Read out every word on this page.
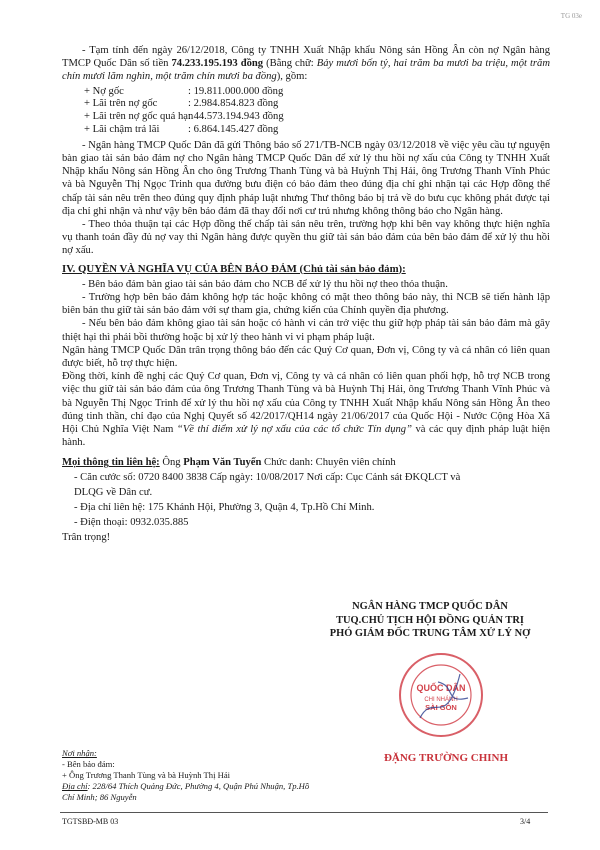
TG 03e

- Tạm tính đến ngày 26/12/2018, Công ty TNHH Xuất Nhập khẩu Nông sản Hồng Ân còn nợ Ngân hàng TMCP Quốc Dân số tiền 74.233.195.193 đồng (Bằng chữ: Bảy mươi bốn tỷ, hai trăm ba mươi ba triệu, một trăm chín mươi lăm nghìn, một trăm chín mươi ba đồng), gồm:

+ Nợ gốc	: 19.811.000.000 đồng
+ Lãi trên nợ gốc	: 2.984.854.823 đồng
+ Lãi trên nợ gốc quá hạn
: 44.573.194.943 đồng
+ Lãi chậm trả lãi	: 6.864.145.427 đồng

- Ngân hàng TMCP Quốc Dân đã gửi Thông báo số 271/TB-NCB ngày 03/12/2018 về việc yêu cầu tự nguyện bàn giao tài sản bảo đảm nợ cho Ngân hàng TMCP Quốc Dân để xử lý thu hồi nợ xấu của Công ty TNHH Xuất Nhập khẩu Nông sản Hồng Ân cho ông Trương Thanh Tùng và bà Huỳnh Thị Hải, ông Trương Thanh Vĩnh Phúc và bà Nguyễn Thị Ngọc Trinh qua đường bưu điện có bảo đảm theo đúng địa chỉ ghi nhận tại các Hợp đồng thế chấp tài sản nêu trên theo đúng quy định pháp luật nhưng Thư thông báo bị trả về do bưu cục không phát được tại địa chỉ ghi nhận và như vậy bên bảo đảm đã thay đổi nơi cư trú nhưng không thông báo cho Ngân hàng.

- Theo thỏa thuận tại các Hợp đồng thế chấp tài sản nêu trên, trường hợp khi bên vay không thực hiện nghĩa vụ thanh toán đầy đủ nợ vay thì Ngân hàng được quyền thu giữ tài sản bảo đảm của bên bảo đảm để xử lý thu hồi nợ xấu.

IV. QUYỀN VÀ NGHĨA VỤ CỦA BÊN BẢO ĐẢM (Chủ tài sản bảo đảm):

- Bên bảo đảm bàn giao tài sản bảo đảm cho NCB để xử lý thu hồi nợ theo thỏa thuận.

- Trường hợp bên bảo đảm không hợp tác hoặc không có mặt theo thông báo này, thì NCB sẽ tiến hành lập biên bản thu giữ tài sản bảo đảm với sự tham gia, chứng kiến của Chính quyền địa phương.

- Nếu bên bảo đảm không giao tài sản hoặc có hành vi cản trở việc thu giữ hợp pháp tài sản bảo đảm mà gây thiệt hại thì phải bồi thường hoặc bị xử lý theo hành vi vi phạm pháp luật.

Ngân hàng TMCP Quốc Dân trân trọng thông báo đến các Quý Cơ quan, Đơn vị, Công ty và cá nhân có liên quan được biết, hỗ trợ thực hiện.

Đồng thời, kính đề nghị các Quý Cơ quan, Đơn vị, Công ty và cá nhân có liên quan phối hợp, hỗ trợ NCB trong việc thu giữ tài sản bảo đảm của ông Trương Thanh Tùng và bà Huỳnh Thị Hải, ông Trương Thanh Vĩnh Phúc và bà Nguyễn Thị Ngọc Trinh để xử lý thu hồi nợ xấu của Công ty TNHH Xuất Nhập khẩu Nông sản Hồng Ân theo đúng tinh thần, chỉ đạo của Nghị Quyết số 42/2017/QH14 ngày 21/06/2017 của Quốc Hội - Nước Cộng Hòa Xã Hội Chủ Nghĩa Việt Nam “Về thí điểm xử lý nợ xấu của các tổ chức Tín dụng” và các quy định pháp luật hiện hành.

Mọi thông tin liên hệ: Ông Phạm Văn Tuyển Chức danh: Chuyên viên chính
- Căn cước số: 0720 8400 3838 Cấp ngày: 10/08/2017 Nơi cấp: Cục Cảnh sát ĐKQLCT và
DLQG về Dân cư.
- Địa chỉ liên hệ: 175 Khánh Hội, Phường 3, Quận 4, Tp.Hồ Chí Minh.
- Điện thoại: 0932.035.885
Trân trọng!
NGÂN HÀNG TMCP QUỐC DÂN
TUQ.CHỦ TỊCH HỘI ĐỒNG QUẢN TRỊ
PHÓ GIÁM ĐỐC TRUNG TÂM XỬ LÝ NỢ
QUỐC DÂN
CHI NHÁNH
SÀI GÒN
ĐẶNG TRƯỜNG CHINH
Nơi nhận:
- Bên bảo đảm:
+ Ông Trương Thanh Tùng và bà Huỳnh Thị Hải
Địa chỉ: 228/64 Thích Quảng Đức, Phường 4, Quận Phú Nhuận, Tp.Hồ Chí Minh; 86 Nguyễn
TGTSBĐ-MB 03	3/4
